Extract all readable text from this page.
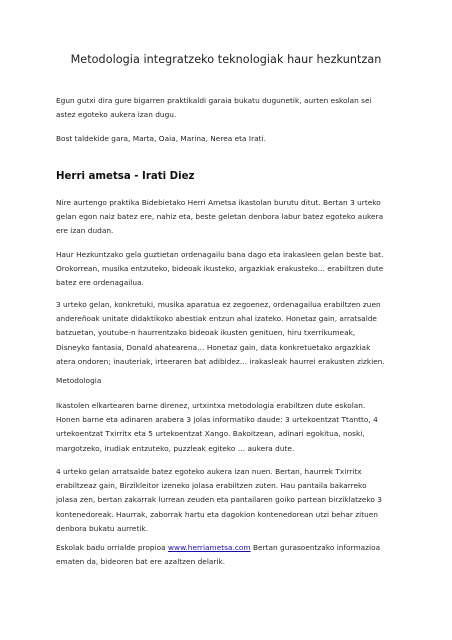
Metodologia integratzeko teknologiak haur hezkuntzan
Egun gutxi dira gure bigarren praktikaldi garaia bukatu dugunetik, aurten eskolan sei
astez egoteko aukera izan dugu.
Bost taldekide gara, Marta, Oaia, Marina, Nerea eta Irati.
Herri ametsa - Irati Diez
Nire aurtengo praktika Bidebietako Herri Ametsa ikastolan burutu ditut. Bertan 3 urteko
gelan egon naiz batez ere, nahiz eta, beste geletan denbora labur batez egoteko aukera
ere izan dudan.
Haur Hezkuntzako gela guztietan ordenagailu bana dago eta irakasleen gelan beste bat.
Orokorrean, musika entzuteko, bideoak ikusteko, argazkiak erakusteko… erabiltzen dute
batez ere ordenagailua.
3 urteko gelan, konkretuki, musika aparatua ez zegoenez, ordenagailua erabiltzen zuen
andereñoak unitate didaktikoko abestiak entzun ahal izateko. Honetaz gain, arratsalde
batzuetan, youtube-n haurrentzako bideoak ikusten genituen, hiru txerrikumeak,
Disneyko fantasia, Donald ahatearena… Honetaz gain, data konkretuetako argazkiak
atera ondoren; inauteriak, irteeraren bat adibidez… irakasleak haurrei erakusten zizkien.
Metodologia
Ikastolen elkartearen barne direnez, urtxintxa metodologia erabiltzen dute eskolan.
Honen barne eta adinaren arabera 3 jolas informatiko daude: 3 urtekoentzat Ttantto, 4
urtekoentzat Txirritx eta 5 urtekoentzat Xango. Bakoitzean, adinari egokitua, noski,
margotzeko, irudiak entzuteko, puzzleak egiteko … aukera dute.
4 urteko gelan arratsalde batez egoteko aukera izan nuen. Bertan, haurrek Txirritx
erabiltzeaz gain, Birzikleitor izeneko jolasa erabiltzen zuten. Hau pantaila bakarreko
jolasa zen, bertan zakarrak lurrean zeuden eta pantailaren goiko partean birziklatzeko 3
kontenedoreak. Haurrak, zaborrak hartu eta dagokion kontenedorean utzi behar zituen
denbora bukatu aurretik.
Eskolak badu orrialde propioa www.herriametsa.com Bertan gurasoentzako informazioa
ematen da, bideoren bat ere azaltzen delarik.
